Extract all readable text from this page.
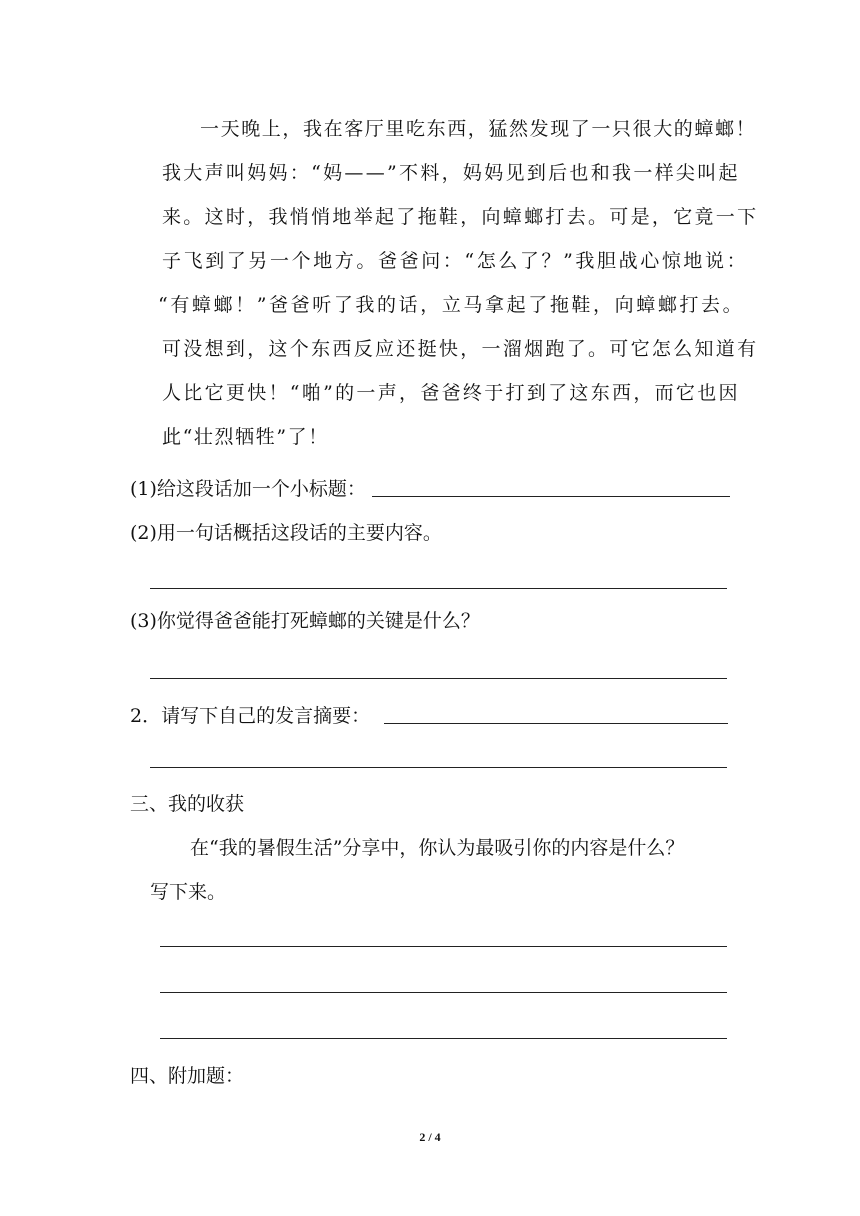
一天晚上，我在客厅里吃东西，猛然发现了一只很大的蟑螂！
我大声叫妈妈：“妈——”不料，妈妈见到后也和我一样尖叫起
来。这时，我悄悄地举起了拖鞋，向蟑螂打去。可是，它竟一下
子飞到了另一个地方。爸爸问：“怎么了？”我胆战心惊地说：
“有蟑螂！”爸爸听了我的话，立马拿起了拖鞋，向蟑螂打去。
可没想到，这个东西反应还挺快，一溜烟跑了。可它怎么知道有
人比它更快！“啪”的一声，爸爸终于打到了这东西，而它也因
此“壮烈牺牲”了！
(1)给这段话加一个小标题：
(2)用一句话概括这段话的主要内容。
(3)你觉得爸爸能打死蟑螂的关键是什么？
2．请写下自己的发言摘要：
三、我的收获
在“我的暑假生活”分享中，你认为最吸引你的内容是什么？
写下来。
四、附加题：
2 / 4
